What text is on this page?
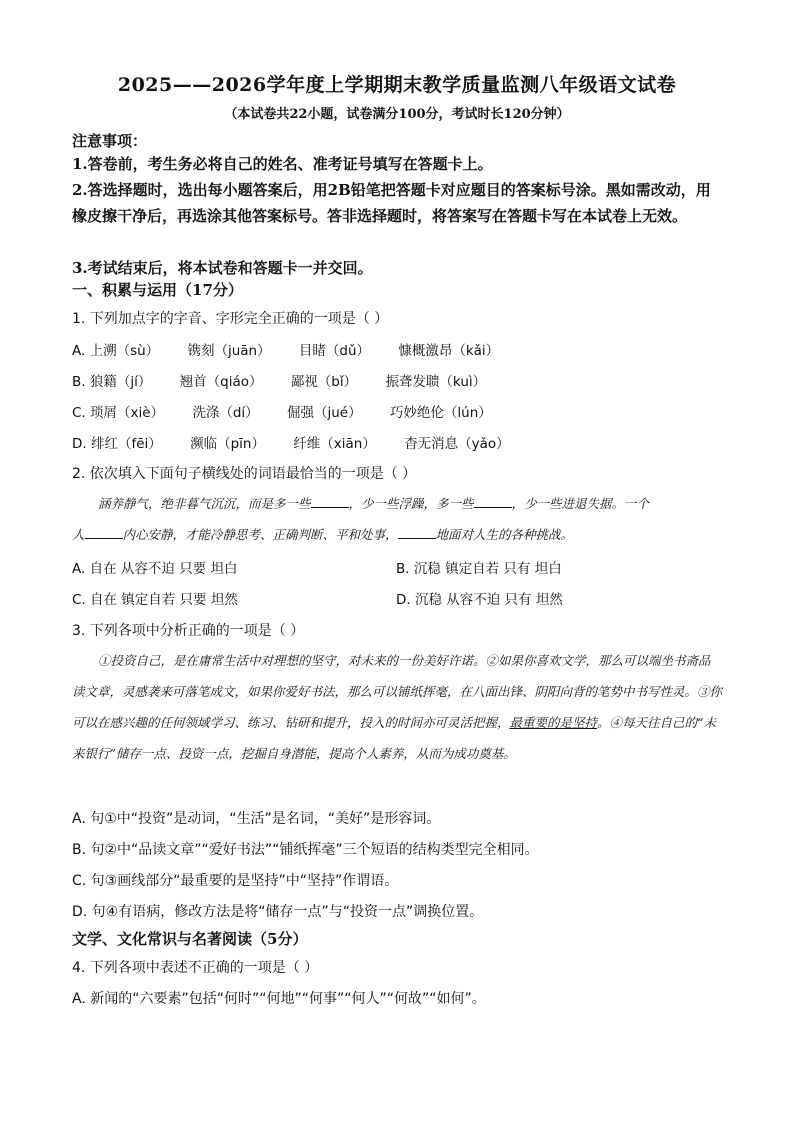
2025——2026学年度上学期期末教学质量监测八年级语文试卷
（本试卷共22小题，试卷满分100分，考试时长120分钟）
注意事项：
1.答卷前，考生务必将自己的姓名、准考证号填写在答题卡上。
2.答选择题时，选出每小题答案后，用2B铅笔把答题卡对应题目的答案标号涂。黑如需改动，用橡皮擦干净后，再选涂其他答案标号。答非选择题时，将答案写在答题卡写在本试卷上无效。
3.考试结束后，将本试卷和答题卡一并交回。
一、积累与运用（17分）
1. 下列加点字的字音、字形完全正确的一项是（ ）
A. 上溯（sù） 镌刻（juān） 目睹（dǔ） 慷概激昂（kǎi）
B. 狼籍（jí） 翘首（qiáo） 鄙视（bǐ） 振聋发聩（kuì）
C. 琐屑（xiè） 洗涤（dí） 倔强（jué） 巧妙绝伦（lún）
D. 绯红（fēi） 濒临（pīn） 纤维（xiān） 杳无消息（yǎo）
2. 依次填入下面句子横线处的词语最恰当的一项是（ ）
涵养静气，绝非暮气沉沉，而是多一些	，少一些浮躁，多一些	，少一些进退失据。一个
人	内心安静，才能冷静思考、正确判断、平和处事，	地面对人生的各种挑战。
A. 自在 从容不迫 只要 坦白	B. 沉稳 镇定自若 只有 坦白
C. 自在 镇定自若 只要 坦然	D. 沉稳 从容不迫 只有 坦然
3. 下列各项中分析正确的一项是（ ）
①投资自己，是在庸常生活中对理想的坚守，对未来的一份美好许诺。②如果你喜欢文学，那么可以端坐书斋品读文章，灵感袭来可落笔成文，如果你爱好书法，那么可以铺纸挥毫，在八面出锋、阴阳向背的笔势中书写性灵。③你可以在感兴趣的任何领域学习、练习、钻研和提升，投入的时间亦可灵活把握，最重要的是坚持。④每天往自己的“未来银行”储存一点、投资一点，挖掘自身潜能，提高个人素养，从而为成功奠基。
A. 句①中“投资”是动词，“生活”是名词，“美好”是形容词。
B. 句②中“品读文章”“爱好书法”“铺纸挥毫”三个短语的结构类型完全相同。
C. 句③画线部分“最重要的是坚持”中“坚持”作谓语。
D. 句④有语病，修改方法是将“储存一点”与“投资一点”调换位置。
文学、文化常识与名著阅读（5分）
4. 下列各项中表述不正确的一项是（ ）
A. 新闻的“六要素”包括“何时”“何地”“何事”“何人”“何故”“如何”。
